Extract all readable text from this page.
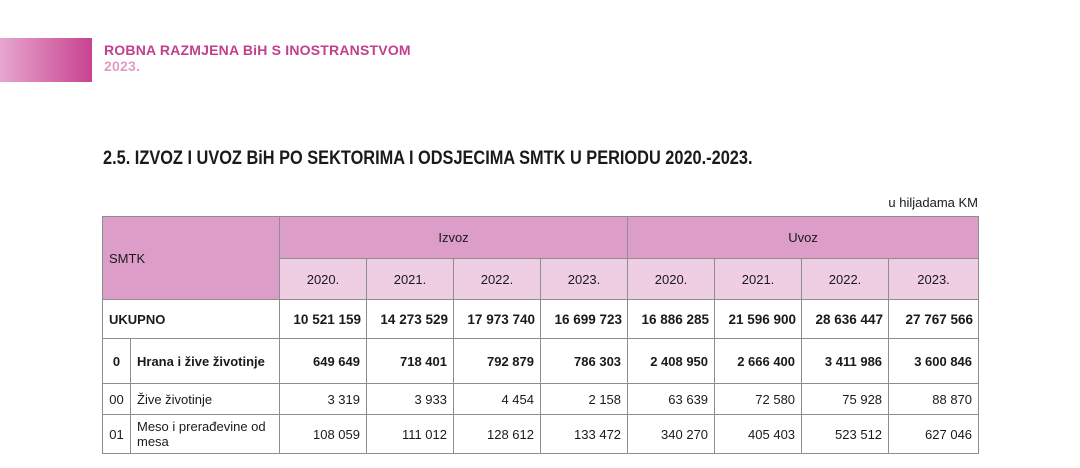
ROBNA RAZMJENA BiH S INOSTRANSTVOM
2023.
2.5. IZVOZ I UVOZ BiH PO SEKTORIMA I ODSJECIMA SMTK U PERIODU 2020.-2023.
u hiljadama KM
SMTK		Izvoz				Uvoz			
		2020.	2021.	2022.	2023.	2020.	2021.	2022.	2023.
UKUPNO		10 521 159	14 273 529	17 973 740	16 699 723	16 886 285	21 596 900	28 636 447	27 767 566
0	Hrana i žive životinje	649 649	718 401	792 879	786 303	2 408 950	2 666 400	3 411 986	3 600 846
00	Žive životinje	3 319	3 933	4 454	2 158	63 639	72 580	75 928	88 870
01	Meso i prerađevine od mesa	108 059	111 012	128 612	133 472	340 270	405 403	523 512	627 046
